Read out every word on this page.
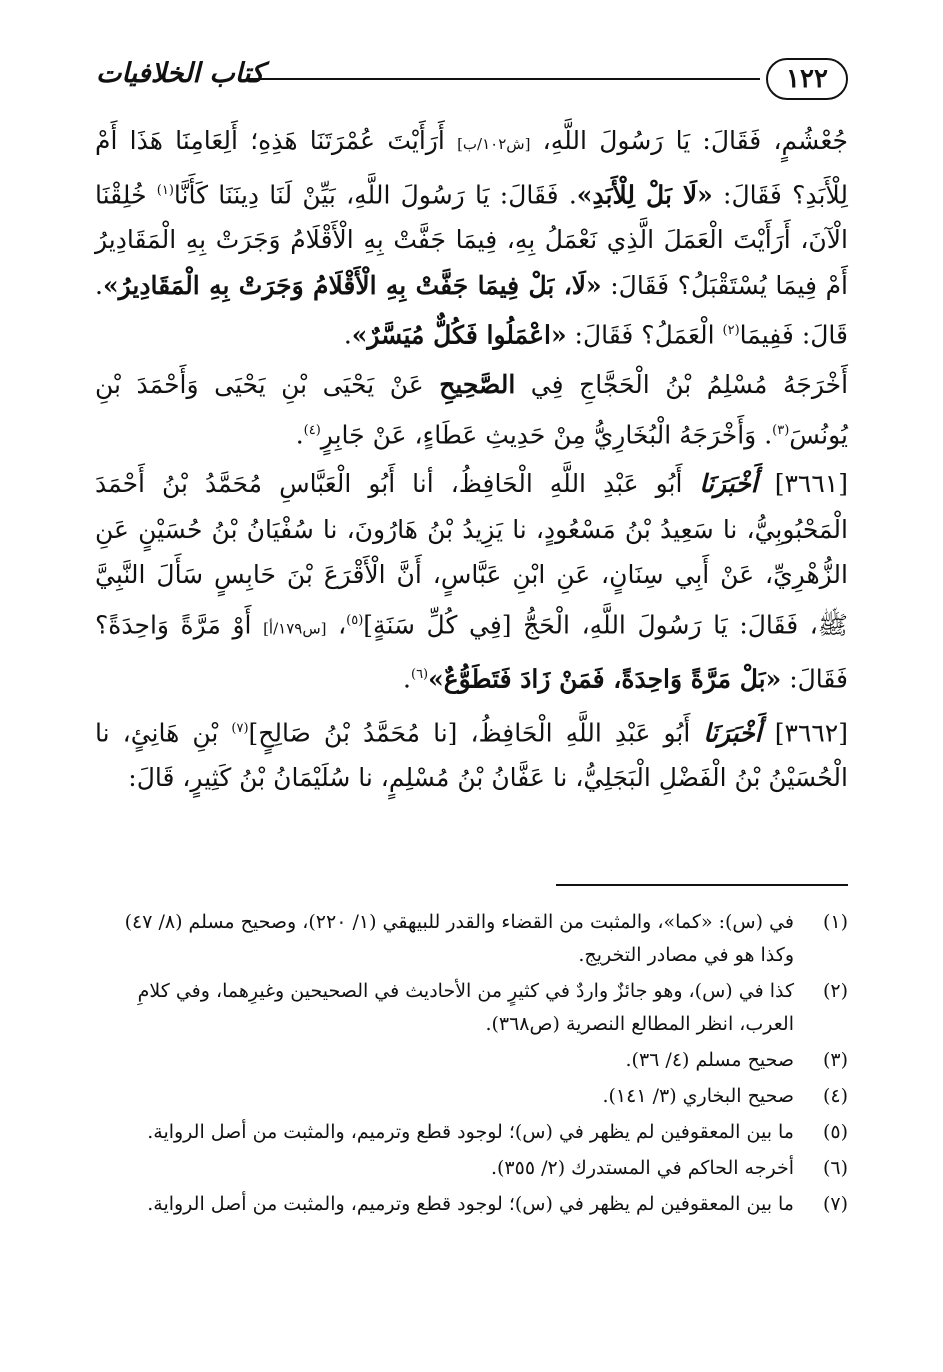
١٢٢
كتاب الخلافيات

جُعْشُمٍ، فَقَالَ: يَا رَسُولَ اللَّهِ، [ش١٠٢/ب] أَرَأَيْتَ عُمْرَتَنَا هَذِهِ؛ أَلِعَامِنَا هَذَا أَمْ لِلْأَبَدِ؟ فَقَالَ: «لَا بَلْ لِلْأَبَدِ». فَقَالَ: يَا رَسُولَ اللَّهِ، بَيِّنْ لَنَا دِينَنَا كَأَنَّا$^{(١)}$ خُلِقْنَا الْآنَ، أَرَأَيْتَ الْعَمَلَ الَّذِي نَعْمَلُ بِهِ، فِيمَا جَفَّتْ بِهِ الْأَقْلَامُ وَجَرَتْ بِهِ الْمَقَادِيرُ أَمْ فِيمَا يُسْتَقْبَلُ؟ فَقَالَ: «لَا، بَلْ فِيمَا جَفَّتْ بِهِ الْأَقْلَامُ وَجَرَتْ بِهِ الْمَقَادِيرُ». قَالَ: فَفِيمَا$^{(٢)}$ الْعَمَلُ؟ فَقَالَ: «اعْمَلُوا فَكُلٌّ مُيَسَّرٌ».

أَخْرَجَهُ مُسْلِمُ بْنُ الْحَجَّاجِ فِي الصَّحِيحِ عَنْ يَحْيَى بْنِ يَحْيَى وَأَحْمَدَ بْنِ يُونُسَ$^{(٣)}$. وَأَخْرَجَهُ الْبُخَارِيُّ مِنْ حَدِيثِ عَطَاءٍ، عَنْ جَابِرٍ$^{(٤)}$.

[٣٦٦١] أَخْبَرَنَا أَبُو عَبْدِ اللَّهِ الْحَافِظُ، أنا أَبُو الْعَبَّاسِ مُحَمَّدُ بْنُ أَحْمَدَ الْمَحْبُوبِيُّ، نا سَعِيدُ بْنُ مَسْعُودٍ، نا يَزِيدُ بْنُ هَارُونَ، نا سُفْيَانُ بْنُ حُسَيْنٍ عَنِ الزُّهْرِيِّ، عَنْ أَبِي سِنَانٍ، عَنِ ابْنِ عَبَّاسٍ، أَنَّ الْأَقْرَعَ بْنَ حَابِسٍ سَأَلَ النَّبِيَّ ﷺ، فَقَالَ: يَا رَسُولَ اللَّهِ، الْحَجُّ [فِي كُلِّ سَنَةٍ]$^{(٥)}$، [س١٧٩/أ] أَوْ مَرَّةً وَاحِدَةً؟ فَقَالَ: «بَلْ مَرَّةً وَاحِدَةً، فَمَنْ زَادَ فَتَطَوُّعٌ»$^{(٦)}$.

[٣٦٦٢] أَخْبَرَنَا أَبُو عَبْدِ اللَّهِ الْحَافِظُ، [نا مُحَمَّدُ بْنُ صَالِحٍ]$^{(٧)}$ بْنِ هَانِئٍ، نا الْحُسَيْنُ بْنُ الْفَضْلِ الْبَجَلِيُّ، نا عَفَّانُ بْنُ مُسْلِمٍ، نا سُلَيْمَانُ بْنُ كَثِيرٍ، قَالَ:

(١)
في (س): «كما»، والمثبت من القضاء والقدر للبيهقي (١/ ٢٢٠)، وصحيح مسلم (٨/ ٤٧) وكذا هو في مصادر التخريج.
(٢)
كذا في (س)، وهو جائزٌ واردٌ في كثيرٍ من الأحاديث في الصحيحين وغيرِهما، وفي كلامِ العرب، انظر المطالع النصرية (ص٣٦٨).
(٣)
صحيح مسلم (٤/ ٣٦).
(٤)
صحيح البخاري (٣/ ١٤١).
(٥)
ما بين المعقوفين لم يظهر في (س)؛ لوجود قطع وترميم، والمثبت من أصل الرواية.
(٦)
أخرجه الحاكم في المستدرك (٢/ ٣٥٥).
(٧)
ما بين المعقوفين لم يظهر في (س)؛ لوجود قطع وترميم، والمثبت من أصل الرواية.
